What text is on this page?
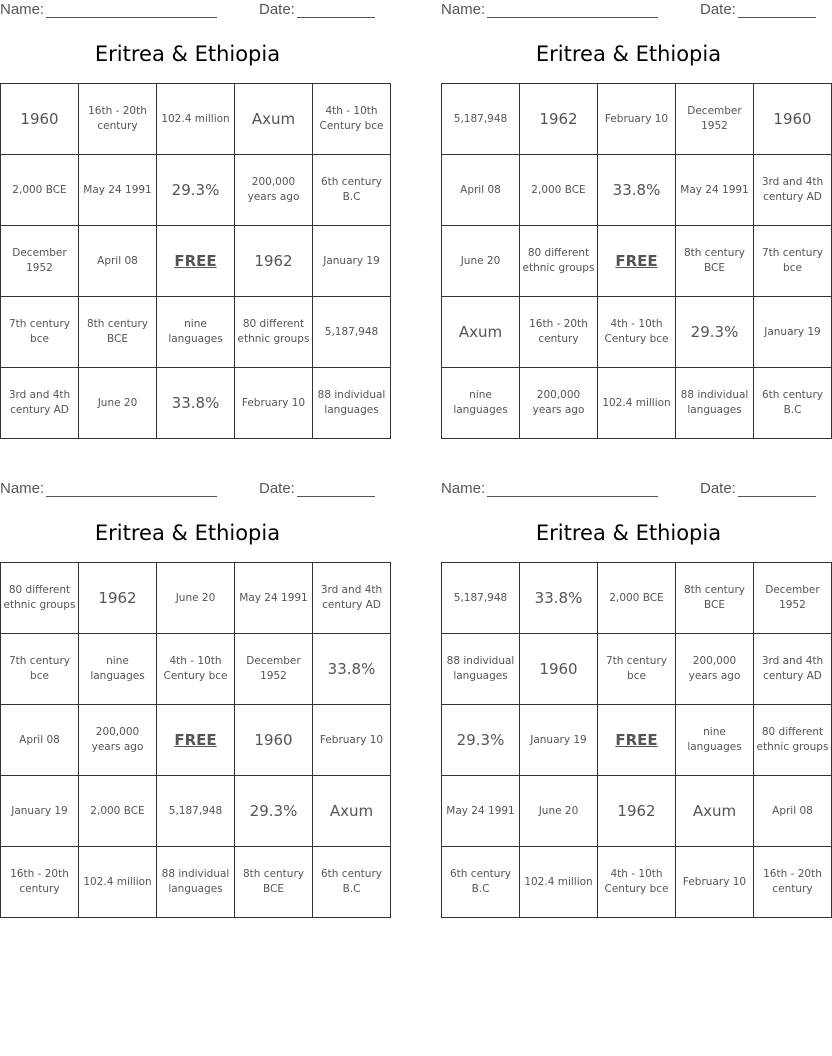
Name:	Date:
Eritrea & Ethiopia
1960	16th - 20th century	102.4 million	Axum	4th - 10th Century bce
2,000 BCE	May 24 1991	29.3%	200,000 years ago	6th century B.C
December 1952	April 08	FREE	1962	January 19
7th century bce	8th century BCE	nine languages	80 different ethnic groups	5,187,948
3rd and 4th century AD	June 20	33.8%	February 10	88 individual languages
Name:	Date:
Eritrea & Ethiopia
5,187,948	1962	February 10	December 1952	1960
April 08	2,000 BCE	33.8%	May 24 1991	3rd and 4th century AD
June 20	80 different ethnic groups	FREE	8th century BCE	7th century bce
Axum	16th - 20th century	4th - 10th Century bce	29.3%	January 19
nine languages	200,000 years ago	102.4 million	88 individual languages	6th century B.C
Name:	Date:
Eritrea & Ethiopia
80 different ethnic groups	1962	June 20	May 24 1991	3rd and 4th century AD
7th century bce	nine languages	4th - 10th Century bce	December 1952	33.8%
April 08	200,000 years ago	FREE	1960	February 10
January 19	2,000 BCE	5,187,948	29.3%	Axum
16th - 20th century	102.4 million	88 individual languages	8th century BCE	6th century B.C
Name:	Date:
Eritrea & Ethiopia
5,187,948	33.8%	2,000 BCE	8th century BCE	December 1952
88 individual languages	1960	7th century bce	200,000 years ago	3rd and 4th century AD
29.3%	January 19	FREE	nine languages	80 different ethnic groups
May 24 1991	June 20	1962	Axum	April 08
6th century B.C	102.4 million	4th - 10th Century bce	February 10	16th - 20th century
